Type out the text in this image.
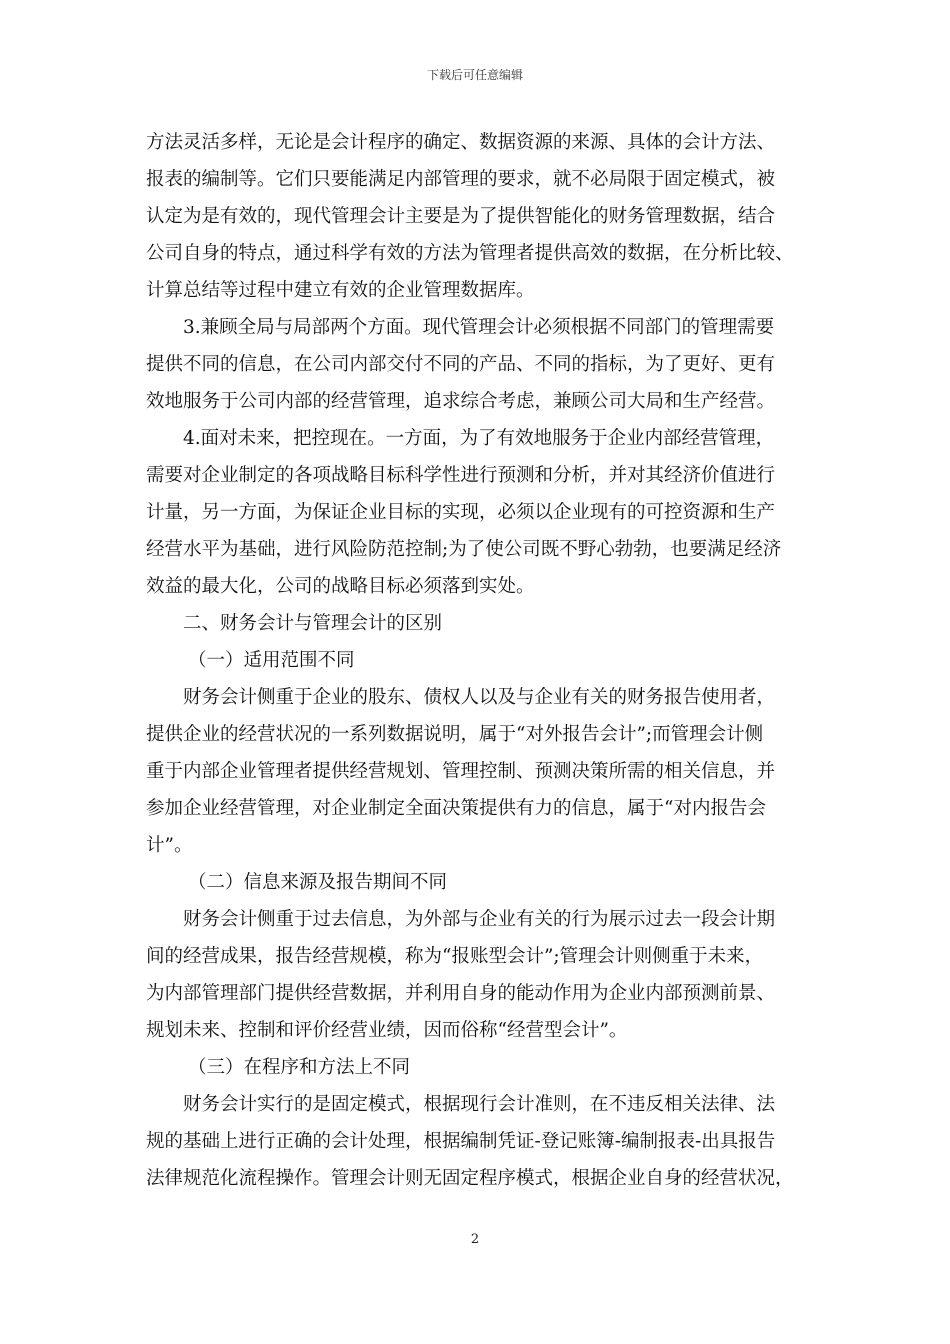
下载后可任意编辑
方法灵活多样，无论是会计程序的确定、数据资源的来源、具体的会计方法、
报表的编制等。它们只要能满足内部管理的要求，就不必局限于固定模式，被
认定为是有效的，现代管理会计主要是为了提供智能化的财务管理数据，结合
公司自身的特点，通过科学有效的方法为管理者提供高效的数据，在分析比较、
计算总结等过程中建立有效的企业管理数据库。
3.兼顾全局与局部两个方面。现代管理会计必须根据不同部门的管理需要
提供不同的信息，在公司内部交付不同的产品、不同的指标，为了更好、更有
效地服务于公司内部的经营管理，追求综合考虑，兼顾公司大局和生产经营。
4.面对未来，把控现在。一方面，为了有效地服务于企业内部经营管理，
需要对企业制定的各项战略目标科学性进行预测和分析，并对其经济价值进行
计量，另一方面，为保证企业目标的实现，必须以企业现有的可控资源和生产
经营水平为基础，进行风险防范控制;为了使公司既不野心勃勃，也要满足经济
效益的最大化，公司的战略目标必须落到实处。
二、财务会计与管理会计的区别
（一）适用范围不同
财务会计侧重于企业的股东、债权人以及与企业有关的财务报告使用者，
提供企业的经营状况的一系列数据说明，属于“对外报告会计”;而管理会计侧
重于内部企业管理者提供经营规划、管理控制、预测决策所需的相关信息，并
参加企业经营管理，对企业制定全面决策提供有力的信息，属于“对内报告会
计”。
（二）信息来源及报告期间不同
财务会计侧重于过去信息，为外部与企业有关的行为展示过去一段会计期
间的经营成果，报告经营规模，称为“报账型会计”;管理会计则侧重于未来，
为内部管理部门提供经营数据，并利用自身的能动作用为企业内部预测前景、
规划未来、控制和评价经营业绩，因而俗称“经营型会计”。
（三）在程序和方法上不同
财务会计实行的是固定模式，根据现行会计准则，在不违反相关法律、法
规的基础上进行正确的会计处理，根据编制凭证-登记账簿-编制报表-出具报告
法律规范化流程操作。管理会计则无固定程序模式，根据企业自身的经营状况，
2
